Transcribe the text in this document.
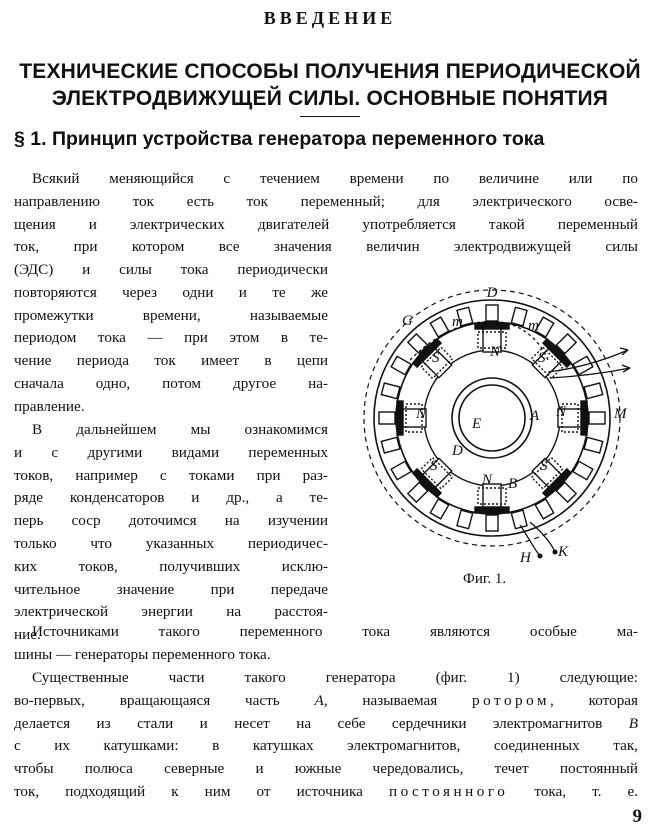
ВВЕДЕНИЕ
ТЕХНИЧЕСКИЕ СПОСОБЫ ПОЛУЧЕНИЯ ПЕРИОДИЧЕСКОЙ
ЭЛЕКТРОДВИЖУЩЕЙ СИЛЫ. ОСНОВНЫЕ ПОНЯТИЯ
§ 1. Принцип устройства генератора переменного тока
Всякий меняющийся с течением времени по величине или по
направлению ток есть ток переменный; для электрического осве-
щения и электрических двигателей употребляется такой переменный
ток, при котором все значения величин электродвижущей силы
(ЭДС) и силы тока периодически
повторяются через одни и те же
промежутки времени, называемые
периодом тока — при этом в те-
чение периода ток имеет в цепи
сначала одно, потом другое на-
правление.
В дальнейшем мы ознакомимся
и с другими видами переменных
токов, например с токами при раз-
ряде конденсаторов и др., а те-
перь соср доточимся на изучении
только что указанных периодичес-
ких токов, получивших исклю-
чительное значение при передаче
электрической энергии на расстоя-
ние.
D
G	m	m
N
S	S
N	A N	M
E
D
S
N B
S
H K
Фиг. 1.
Источниками такого переменного тока являются особые ма-
шины — генераторы переменного тока.
Существенные части такого генератора (фиг. 1) следующие:
во-первых, вращающаяся часть A, называемая ротором, которая
делается из стали и несет на себе сердечники электромагнитов B
с их катушками: в катушках электромагнитов, соединенных так,
чтобы полюса северные и южные чередовались, течет постоянный
ток, подходящий к ним от источника постоянного тока, т. е.
9
